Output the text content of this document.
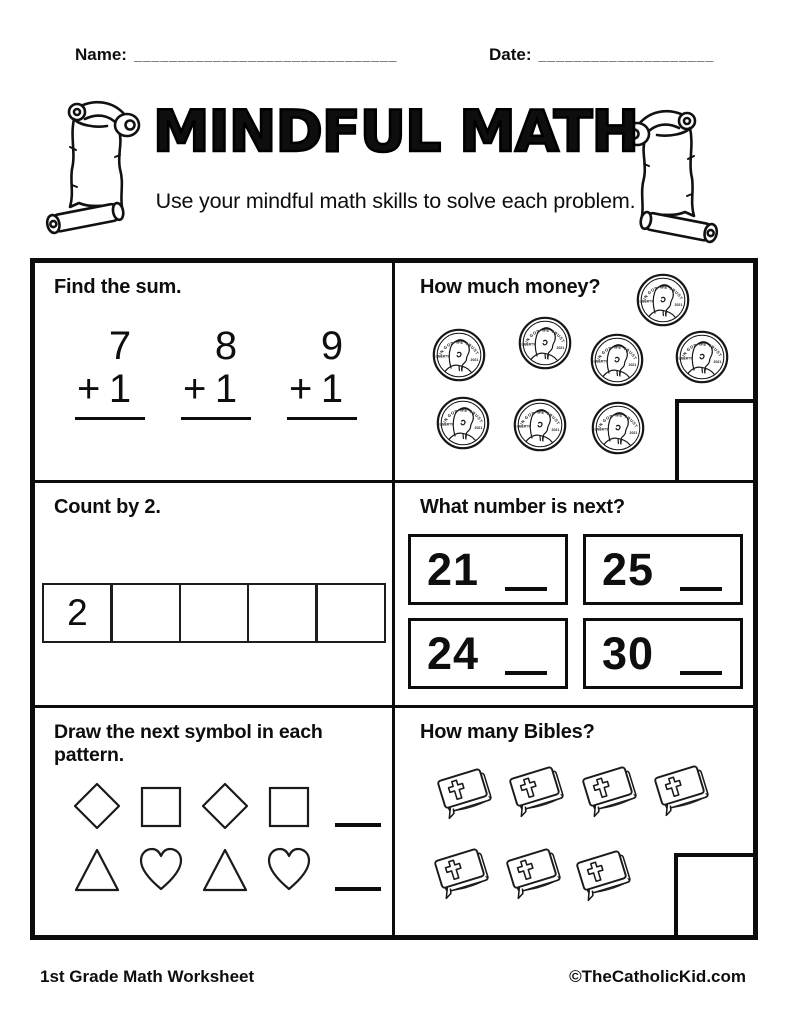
Name: ______________________________	Date: ____________________
MINDFUL MATH

Use your mindful math skills to solve each problem.

Find the sum.
7
+ 1
8
+ 1
9
+ 1
How much money?
IN GOD WE TRUST
LIBERTY
2021
IN GOD WE TRUST
LIBERTY
2021
IN GOD WE TRUST
LIBERTY
2021
IN GOD WE TRUST
LIBERTY
2021
IN GOD WE TRUST
LIBERTY
2021
IN GOD WE TRUST
LIBERTY
2021
IN GOD WE TRUST
LIBERTY
2021
IN GOD WE TRUST
LIBERTY
2021
Count by 2.
2
What number is next?
21	25
24	30
Draw the next symbol in each pattern.
How many Bibles?
1st Grade Math Worksheet	©TheCatholicKid.com
